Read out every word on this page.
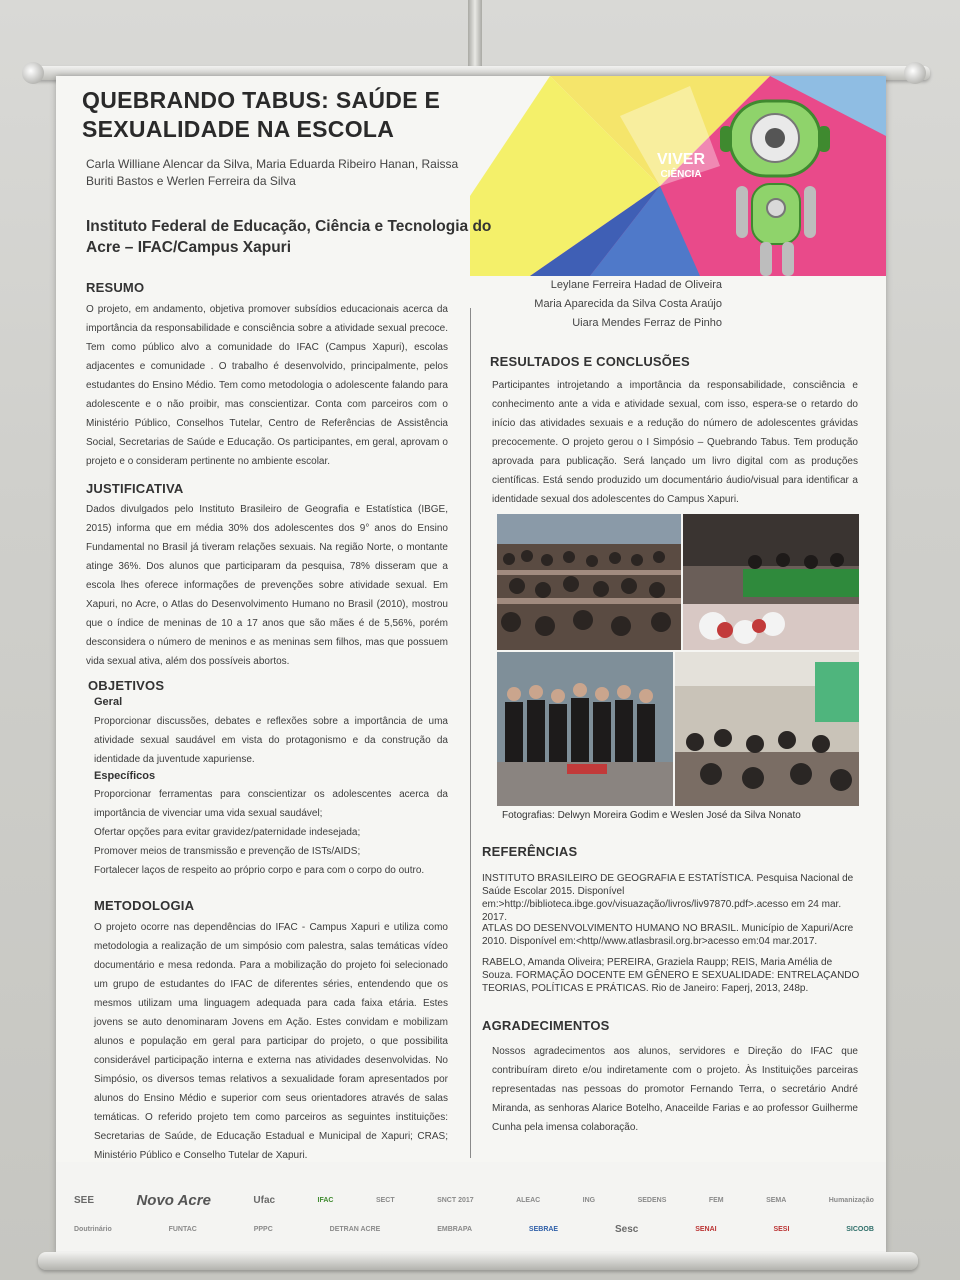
VIVER
CIÊNCIA
QUEBRANDO TABUS: SAÚDE E SEXUALIDADE NA ESCOLA
Carla Williane Alencar da Silva, Maria Eduarda Ribeiro Hanan, Raissa Buriti Bastos e Werlen Ferreira da Silva
Instituto Federal de Educação, Ciência e Tecnologia do Acre – IFAC/Campus Xapuri
Leylane Ferreira Hadad de Oliveira
Maria Aparecida da Silva Costa Araújo
Uiara Mendes Ferraz de Pinho
RESUMO
O projeto, em andamento, objetiva promover subsídios educacionais acerca da importância da responsabilidade e consciência sobre a atividade sexual precoce. Tem como público alvo a comunidade do IFAC (Campus Xapuri), escolas adjacentes e comunidade . O trabalho é desenvolvido, principalmente, pelos estudantes do Ensino Médio. Tem como metodologia o adolescente falando para adolescente e o não proibir, mas conscientizar. Conta com parceiros com o Ministério Público, Conselhos Tutelar, Centro de Referências de Assistência Social, Secretarias de Saúde e Educação. Os participantes, em geral, aprovam o projeto e o consideram pertinente no ambiente escolar.
JUSTIFICATIVA
Dados divulgados pelo Instituto Brasileiro de Geografia e Estatística (IBGE, 2015) informa que em média 30% dos adolescentes dos 9° anos do Ensino Fundamental no Brasil já tiveram relações sexuais. Na região Norte, o montante atinge 36%. Dos alunos que participaram da pesquisa, 78% disseram que a escola lhes oferece informações de prevenções sobre atividade sexual. Em Xapuri, no Acre, o Atlas do Desenvolvimento Humano no Brasil (2010), mostrou que o índice de meninas de 10 a 17 anos que são mães é de 5,56%, porém desconsidera o número de meninos e as meninas sem filhos, mas que possuem vida sexual ativa, além dos possíveis abortos.
OBJETIVOS
Geral
Proporcionar discussões, debates e reflexões sobre a importância de uma atividade sexual saudável em vista do protagonismo e da construção da identidade da juventude xapuriense.
Específicos
Proporcionar ferramentas para conscientizar os adolescentes acerca da importância de vivenciar uma vida sexual saudável;
Ofertar opções para evitar gravidez/paternidade indesejada;
Promover meios de transmissão e prevenção de ISTs/AIDS;
Fortalecer laços de respeito ao próprio corpo e para com o corpo do outro.
METODOLOGIA
O projeto ocorre nas dependências do IFAC - Campus Xapuri e utiliza como metodologia a realização de um simpósio com palestra, salas temáticas vídeo documentário e mesa redonda. Para a mobilização do projeto foi selecionado um grupo de estudantes do IFAC de diferentes séries, entendendo que os mesmos utilizam uma linguagem adequada para cada faixa etária. Estes jovens se auto denominaram Jovens em Ação. Estes convidam e mobilizam alunos e população em geral para participar do projeto, o que possibilita considerável participação interna e externa nas atividades desenvolvidas. No Simpósio, os diversos temas relativos a sexualidade foram apresentados por alunos do Ensino Médio e superior com seus orientadores através de salas temáticas. O referido projeto tem como parceiros as seguintes instituições: Secretarias de Saúde, de Educação Estadual e Municipal de Xapuri; CRAS; Ministério Público e Conselho Tutelar de Xapuri.
RESULTADOS E CONCLUSÕES
Participantes introjetando a importância da responsabilidade, consciência e conhecimento ante a vida e atividade sexual, com isso, espera-se o retardo do início das atividades sexuais e a redução do número de adolescentes grávidas precocemente. O projeto gerou o I Simpósio – Quebrando Tabus. Tem produção aprovada para publicação. Será lançado um livro digital com as produções científicas. Está sendo produzido um documentário áudio/visual para identificar a identidade sexual dos adolescentes do Campus Xapuri.
Fotografias: Delwyn Moreira Godim e Weslen José da Silva Nonato
REFERÊNCIAS
INSTITUTO BRASILEIRO DE GEOGRAFIA E ESTATÍSTICA. Pesquisa Nacional de Saúde Escolar 2015. Disponível em:>http://biblioteca.ibge.gov/visuazação/livros/liv97870.pdf>.acesso em 24 mar. 2017.
ATLAS DO DESENVOLVIMENTO HUMANO NO BRASIL. Município de Xapuri/Acre 2010. Disponível em:<http//www.atlasbrasil.org.br>acesso em:04 mar.2017.
RABELO, Amanda Oliveira; PEREIRA, Graziela Raupp; REIS, Maria Amélia de Souza. FORMAÇÃO DOCENTE EM GÊNERO E SEXUALIDADE: ENTRELAÇANDO TEORIAS, POLÍTICAS E PRÁTICAS. Rio de Janeiro: Faperj, 2013, 248p.
AGRADECIMENTOS
Nossos agradecimentos aos alunos, servidores e Direção do IFAC que contribuíram direto e/ou indiretamente com o projeto. Às Instituições parceiras representadas nas pessoas do promotor Fernando Terra, o secretário André Miranda, as senhoras Alarice Botelho, Anaceilde Farias e ao professor Guilherme Cunha pela imensa colaboração.
SEE	Novo Acre	Ufac	IFAC	SECT	SNCT 2017	ALEAC	ING	SEDENS	FEM	SEMA	Humanização
Doutrinário	FUNTAC	PPPC	DETRAN ACRE	EMBRAPA	SEBRAE	Sesc	SENAI	SESI	SICOOB
